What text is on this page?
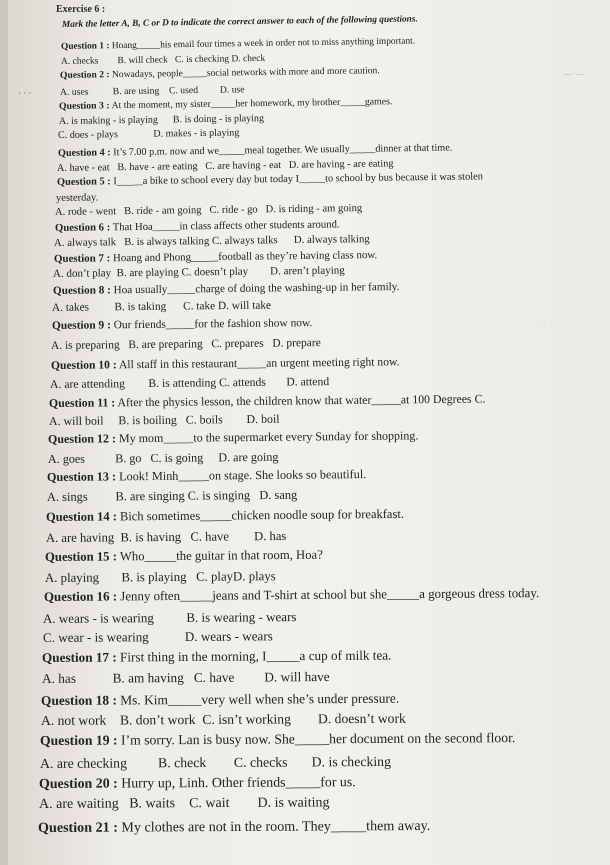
Exercise 6 :
Mark the letter A, B, C or D to indicate the correct answer to each of the following questions.
Question 1 : Hoang_____his email four times a week in order not to miss anything important.
A. checks        B. will check   C. is checking D. check
Question 2 : Nowadays, people_____social networks with more and more caution.
A. uses          B. are using    C. used         D. use
Question 3 : At the moment, my sister_____her homework, my brother_____games.
A. is making - is playing      B. is doing - is playing
C. does - plays              D. makes - is playing
Question 4 : It’s 7.00 p.m. now and we_____meal together. We usually_____dinner at that time.
A. have - eat   B. have - are eating   C. are having - eat   D. are having - are eating
Question 5 : I_____a bike to school every day but today I_____to school by bus because it was stolen
yesterday.
A. rode - went   B. ride - am going   C. ride - go   D. is riding - am going
Question 6 : That Hoa_____in class affects other students around.
A. always talk   B. is always talking C. always talks      D. always talking
Question 7 : Hoang and Phong_____football as they’re having class now.
A. don’t play  B. are playing C. doesn’t play        D. aren’t playing
Question 8 : Hoa usually_____charge of doing the washing-up in her family.
A. takes         B. is taking      C. take D. will take
Question 9 : Our friends_____for the fashion show now.
A. is preparing   B. are preparing   C. prepares   D. prepare
Question 10 : All staff in this restaurant_____an urgent meeting right now.
A. are attending        B. is attending C. attends       D. attend
Question 11 : After the physics lesson, the children know that water_____at 100 Degrees C.
A. will boil     B. is boiling   C. boils        D. boil
Question 12 : My mom_____to the supermarket every Sunday for shopping.
A. goes          B. go   C. is going     D. are going
Question 13 : Look! Minh_____on stage. She looks so beautiful.
A. sings         B. are singing C. is singing   D. sang
Question 14 : Bich sometimes_____chicken noodle soup for breakfast.
A. are having  B. is having   C. have        D. has
Question 15 : Who_____the guitar in that room, Hoa?
A. playing       B. is playing   C. playD. plays
Question 16 : Jenny often_____jeans and T-shirt at school but she_____a gorgeous dress today.
A. wears - is wearing          B. is wearing - wears
C. wear - is wearing           D. wears - wears
Question 17 : First thing in the morning, I_____a cup of milk tea.
A. has           B. am having   C. have         D. will have
Question 18 : Ms. Kim_____very well when she’s under pressure.
A. not work    B. don’t work  C. isn’t working        D. doesn’t work
Question 19 : I’m sorry. Lan is busy now. She_____her document on the second floor.
A. are checking         B. check        C. checks       D. is checking
Question 20 : Hurry up, Linh. Other friends_____for us.
A. are waiting   B. waits    C. wait        D. is waiting
Question 21 : My clothes are not in the room. They_____them away.
· · ·
— · —
·
